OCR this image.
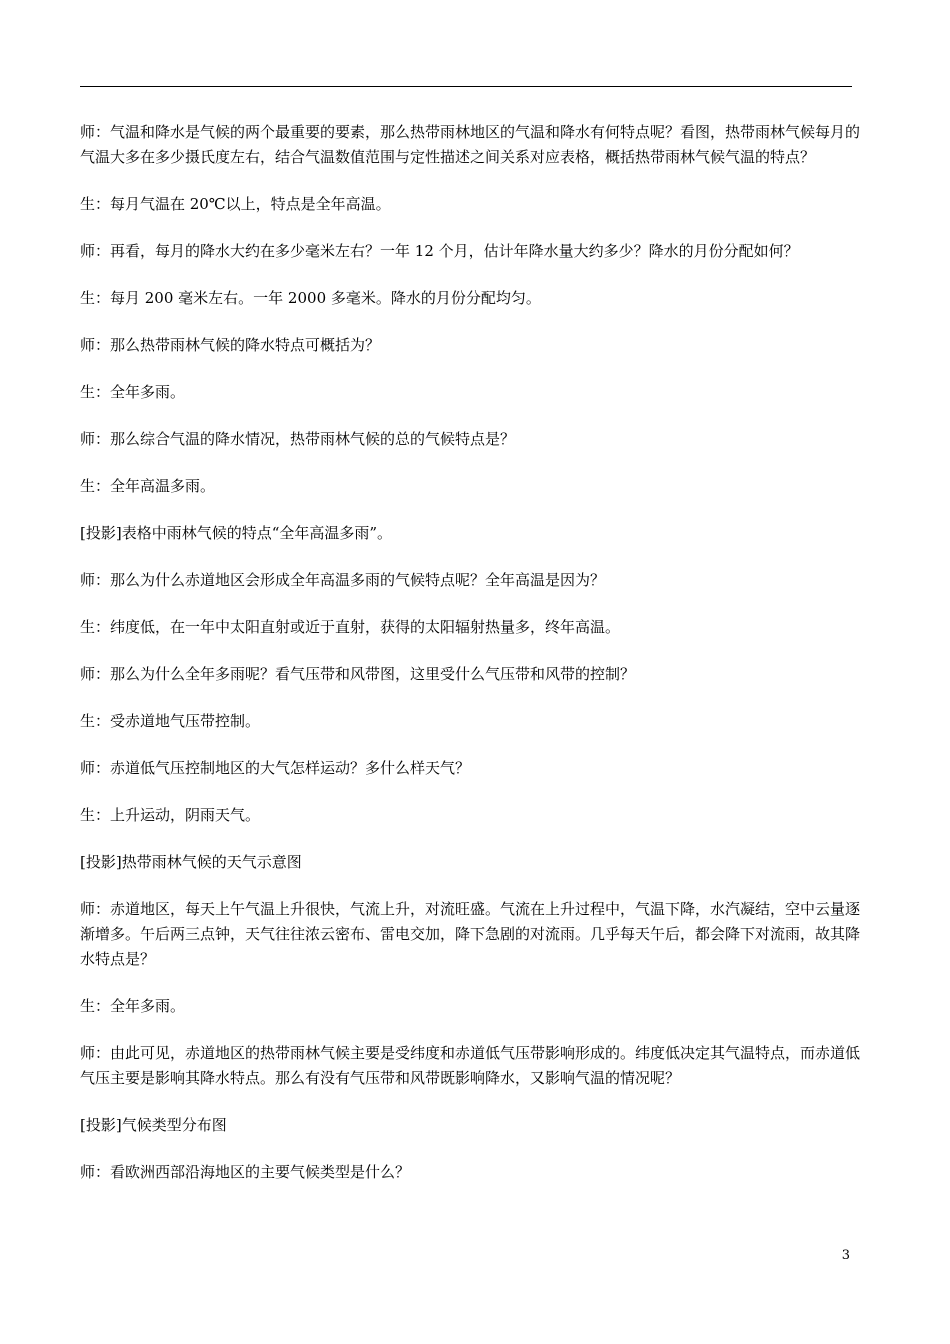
师：气温和降水是气候的两个最重要的要素，那么热带雨林地区的气温和降水有何特点呢？看图，热带雨林气候每月的气温大多在多少摄氏度左右，结合气温数值范围与定性描述之间关系对应表格，概括热带雨林气候气温的特点？

生：每月气温在 20℃以上，特点是全年高温。

师：再看，每月的降水大约在多少毫米左右？一年 12 个月，估计年降水量大约多少？降水的月份分配如何？

生：每月 200 毫米左右。一年 2000 多毫米。降水的月份分配均匀。

师：那么热带雨林气候的降水特点可概括为？

生：全年多雨。

师：那么综合气温的降水情况，热带雨林气候的总的气候特点是？

生：全年高温多雨。

[投影]表格中雨林气候的特点“全年高温多雨”。

师：那么为什么赤道地区会形成全年高温多雨的气候特点呢？全年高温是因为？

生：纬度低，在一年中太阳直射或近于直射，获得的太阳辐射热量多，终年高温。

师：那么为什么全年多雨呢？看气压带和风带图，这里受什么气压带和风带的控制？

生：受赤道地气压带控制。

师：赤道低气压控制地区的大气怎样运动？多什么样天气？

生：上升运动，阴雨天气。

[投影]热带雨林气候的天气示意图

师：赤道地区，每天上午气温上升很快，气流上升，对流旺盛。气流在上升过程中，气温下降，水汽凝结，空中云量逐渐增多。午后两三点钟，天气往往浓云密布、雷电交加，降下急剧的对流雨。几乎每天午后，都会降下对流雨，故其降水特点是？

生：全年多雨。

师：由此可见，赤道地区的热带雨林气候主要是受纬度和赤道低气压带影响形成的。纬度低决定其气温特点，而赤道低气压主要是影响其降水特点。那么有没有气压带和风带既影响降水，又影响气温的情况呢？

[投影]气候类型分布图

师：看欧洲西部沿海地区的主要气候类型是什么？

3
